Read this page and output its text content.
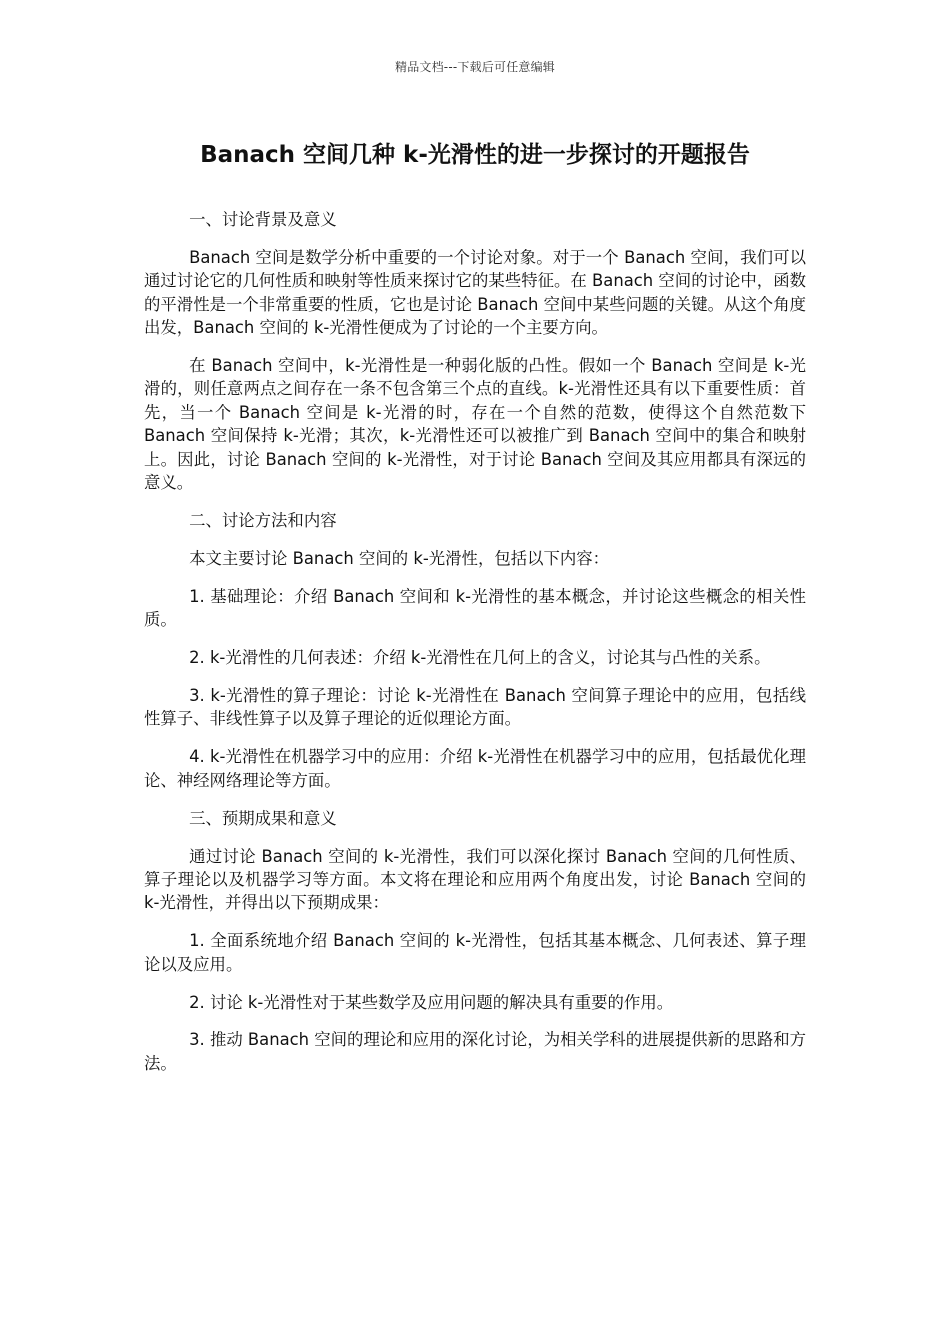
精品文档---下载后可任意编辑
Banach 空间几种 k-光滑性的进一步探讨的开题报告

一、讨论背景及意义

Banach 空间是数学分析中重要的一个讨论对象。对于一个 Banach 空间，我们可以通过讨论它的几何性质和映射等性质来探讨它的某些特征。在 Banach 空间的讨论中，函数的平滑性是一个非常重要的性质，它也是讨论 Banach 空间中某些问题的关键。从这个角度出发，Banach 空间的 k-光滑性便成为了讨论的一个主要方向。

在 Banach 空间中，k-光滑性是一种弱化版的凸性。假如一个 Banach 空间是 k-光滑的，则任意两点之间存在一条不包含第三个点的直线。k-光滑性还具有以下重要性质：首先，当一个 Banach 空间是 k-光滑的时，存在一个自然的范数，使得这个自然范数下 Banach 空间保持 k-光滑；其次，k-光滑性还可以被推广到 Banach 空间中的集合和映射上。因此，讨论 Banach 空间的 k-光滑性，对于讨论 Banach 空间及其应用都具有深远的意义。

二、讨论方法和内容

本文主要讨论 Banach 空间的 k-光滑性，包括以下内容：

1. 基础理论：介绍 Banach 空间和 k-光滑性的基本概念，并讨论这些概念的相关性质。

2. k-光滑性的几何表述：介绍 k-光滑性在几何上的含义，讨论其与凸性的关系。

3. k-光滑性的算子理论：讨论 k-光滑性在 Banach 空间算子理论中的应用，包括线性算子、非线性算子以及算子理论的近似理论方面。

4. k-光滑性在机器学习中的应用：介绍 k-光滑性在机器学习中的应用，包括最优化理论、神经网络理论等方面。

三、预期成果和意义

通过讨论 Banach 空间的 k-光滑性，我们可以深化探讨 Banach 空间的几何性质、算子理论以及机器学习等方面。本文将在理论和应用两个角度出发，讨论 Banach 空间的 k-光滑性，并得出以下预期成果：

1. 全面系统地介绍 Banach 空间的 k-光滑性，包括其基本概念、几何表述、算子理论以及应用。

2. 讨论 k-光滑性对于某些数学及应用问题的解决具有重要的作用。

3. 推动 Banach 空间的理论和应用的深化讨论，为相关学科的进展提供新的思路和方法。
